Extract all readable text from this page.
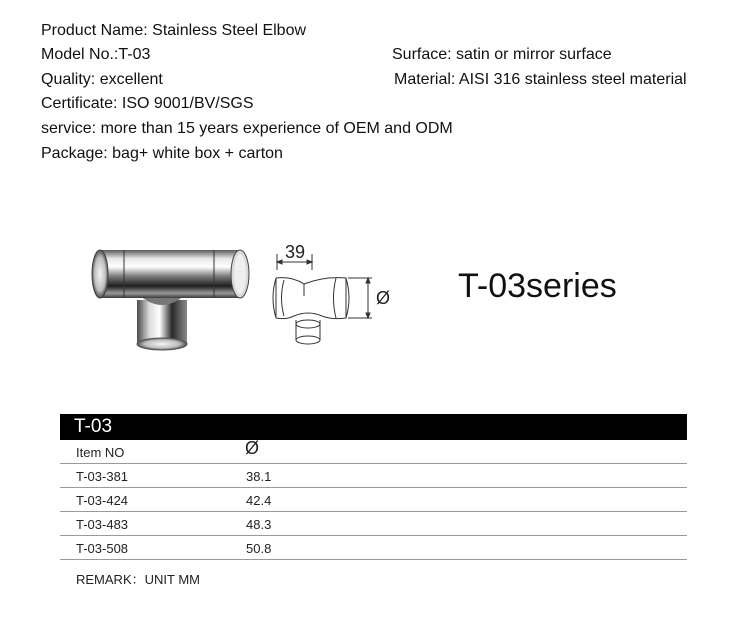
Product Name: Stainless Steel Elbow
Model No.:T-03	Surface: satin or mirror surface
Quality: excellent	Material: AISI 316 stainless steel material
Certificate: ISO 9001/BV/SGS
service: more than 15 years experience of OEM and ODM
Package: bag+ white box + carton
39
Ø T-03series
T-03
Item NO	Ø
T-03-381	38.1
T-03-424	42.4
T-03-483	48.3
T-03-508	50.8
REMARK：UNIT MM
